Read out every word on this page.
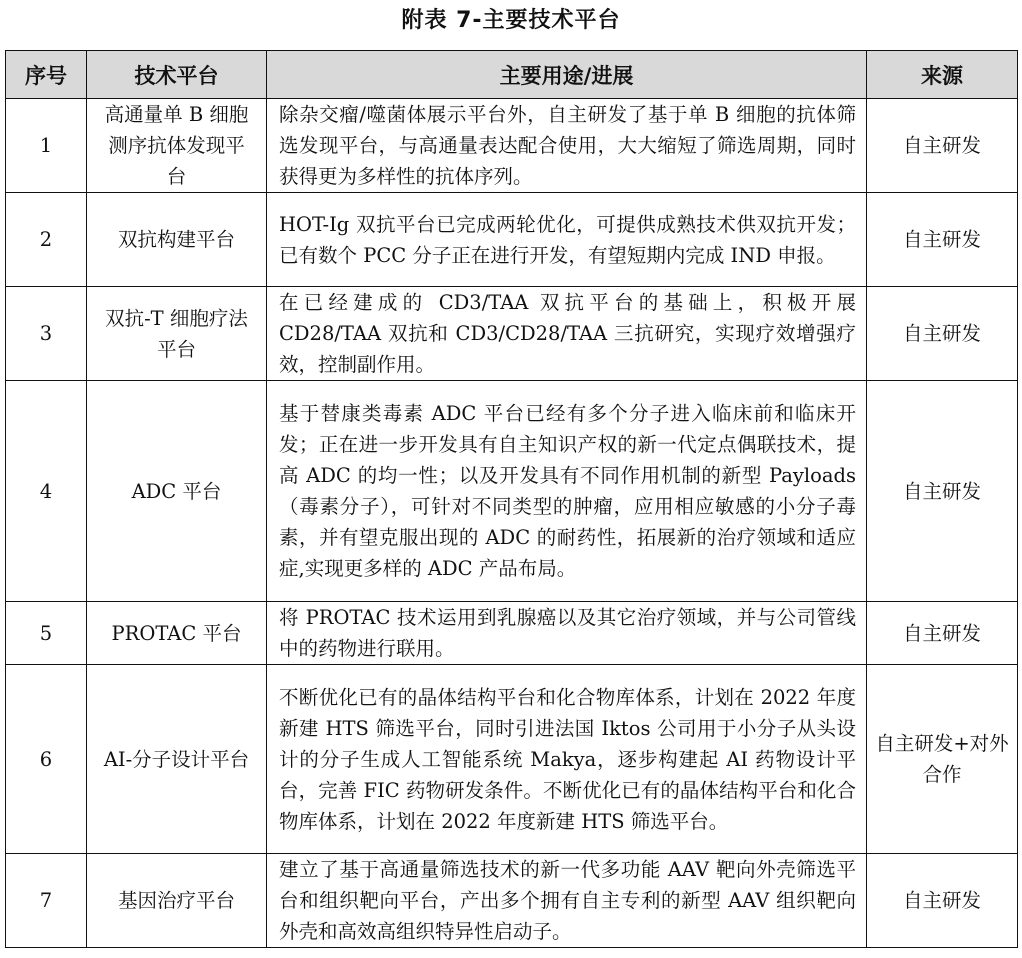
附表 7-主要技术平台
序号	技术平台	主要用途/进展	来源
1	高通量单 B 细胞测序抗体发现平台	除杂交瘤/噬菌体展示平台外，自主研发了基于单 B 细胞的抗体筛选发现平台，与高通量表达配合使用，大大缩短了筛选周期，同时获得更为多样性的抗体序列。	自主研发
2	双抗构建平台	HOT-Ig 双抗平台已完成两轮优化，可提供成熟技术供双抗开发；已有数个 PCC 分子正在进行开发，有望短期内完成 IND 申报。	自主研发
3	双抗-T 细胞疗法平台	在已经建成的 CD3/TAA 双抗平台的基础上，积极开展 CD28/TAA 双抗和 CD3/CD28/TAA 三抗研究，实现疗效增强疗效，控制副作用。	自主研发
4	ADC 平台	基于替康类毒素 ADC 平台已经有多个分子进入临床前和临床开发；正在进一步开发具有自主知识产权的新一代定点偶联技术，提高 ADC 的均一性；以及开发具有不同作用机制的新型 Payloads（毒素分子），可针对不同类型的肿瘤，应用相应敏感的小分子毒素，并有望克服出现的 ADC 的耐药性，拓展新的治疗领域和适应症,实现更多样的 ADC 产品布局。	自主研发
5	PROTAC 平台	将 PROTAC 技术运用到乳腺癌以及其它治疗领域，并与公司管线中的药物进行联用。	自主研发
6	AI-分子设计平台	不断优化已有的晶体结构平台和化合物库体系，计划在 2022 年度新建 HTS 筛选平台，同时引进法国 Iktos 公司用于小分子从头设计的分子生成人工智能系统 Makya，逐步构建起 AI 药物设计平台，完善 FIC 药物研发条件。不断优化已有的晶体结构平台和化合物库体系，计划在 2022 年度新建 HTS 筛选平台。	自主研发+对外合作
7	基因治疗平台	建立了基于高通量筛选技术的新一代多功能 AAV 靶向外壳筛选平台和组织靶向平台，产出多个拥有自主专利的新型 AAV 组织靶向外壳和高效高组织特异性启动子。	自主研发
